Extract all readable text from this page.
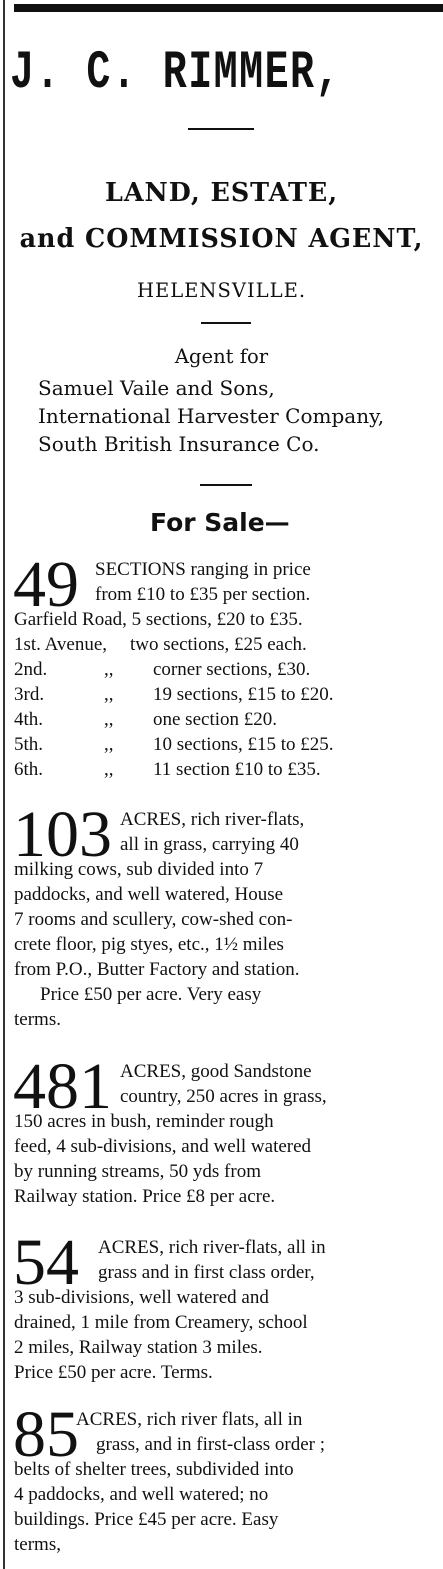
J. C. RIMMER,
LAND, ESTATE,
and COMMISSION AGENT,
HELENSVILLE.
Agent for
Samuel Vaile and Sons,
International Harvester Company,
South British Insurance Co.
For Sale—
49 SECTIONS ranging in price
from £10 to £35 per section.
Garfield Road, 5 sections, £20 to £35.
1st. Avenue, two sections, £25 each.
2nd.	,, corner sections, £30.
3rd.	,, 19 sections, £15 to £20.
4th.	,, one section £20.
5th.	,, 10 sections, £15 to £25.
6th.	,, 11 section £10 to £35.
103 ACRES, rich river-flats,
all in grass, carrying 40
milking cows, sub divided into 7
paddocks, and well watered, House
7 rooms and scullery, cow-shed con-
crete floor, pig styes, etc., 1½ miles
from P.O., Butter Factory and station.
Price £50 per acre. Very easy
terms.
481 ACRES, good Sandstone
country, 250 acres in grass,
150 acres in bush, reminder rough
feed, 4 sub-divisions, and well watered
by running streams, 50 yds from
Railway station. Price £8 per acre.
54 ACRES, rich river-flats, all in
grass and in first class order,
3 sub-divisions, well watered and
drained, 1 mile from Creamery, school
2 miles, Railway station 3 miles.
Price £50 per acre. Terms.
85
ACRES, rich river flats, all in
grass, and in first-class order ;
belts of shelter trees, subdivided into
4 paddocks, and well watered; no
buildings. Price £45 per acre. Easy
terms,
